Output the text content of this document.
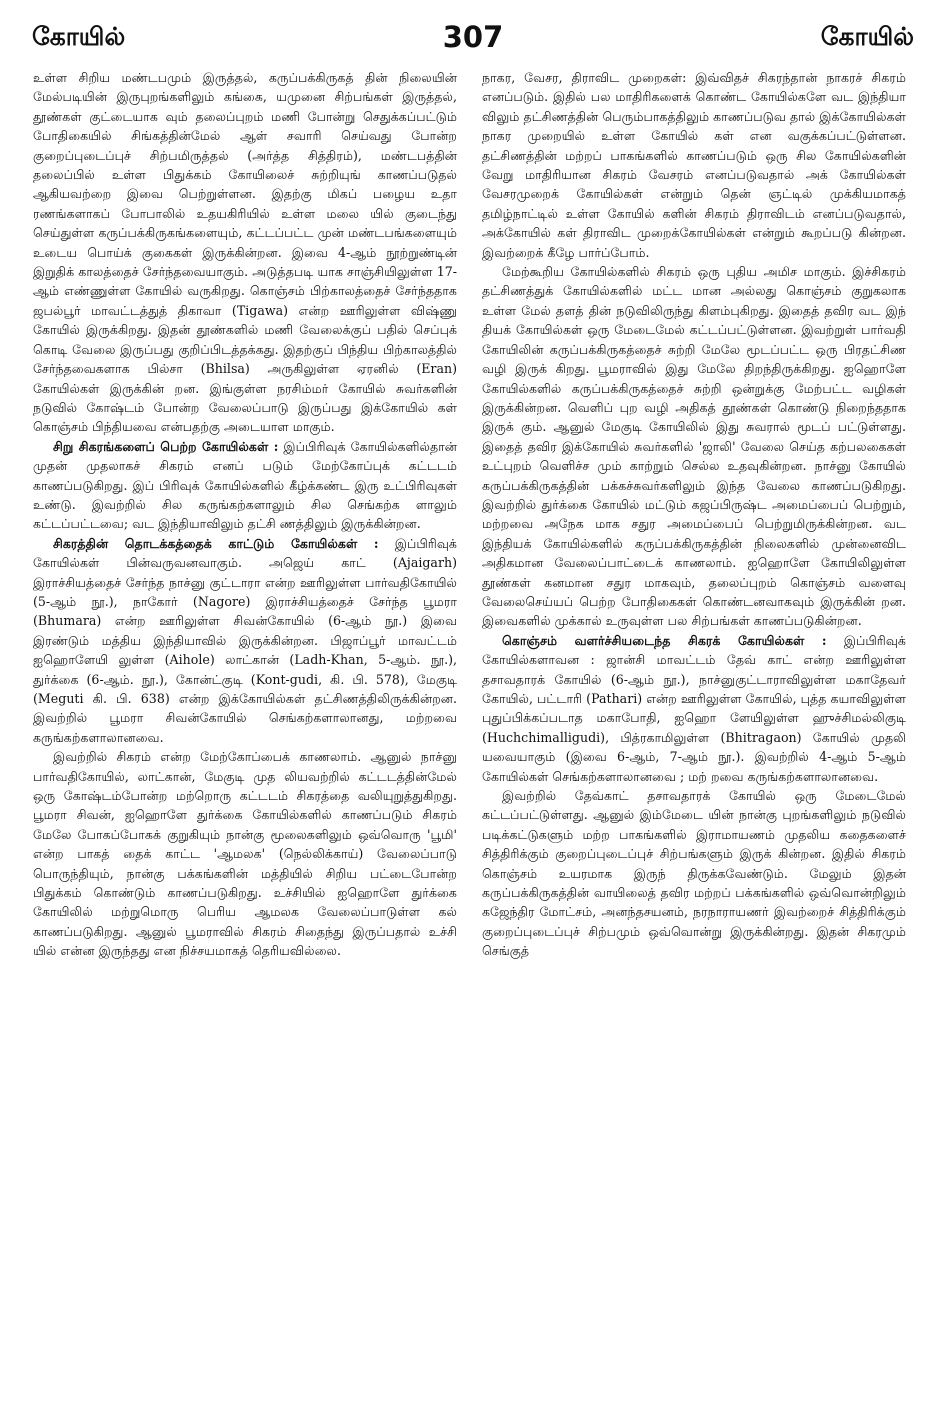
கோயில்	307	கோயில்

உள்ள சிறிய மண்டபமும் இருத்தல், கருப்பக்கிருகத் தின் நிலையின் மேல்படியின் இருபுறங்களிலும் கங்கை, யமுனை சிற்பங்கள் இருத்தல், தூண்கள் குட்டையாக வும் தலைப்புறம் மணி போன்று செதுக்கப்பட்டும் போதிகையில் சிங்கத்தின்மேல் ஆள் சவாரி செய்வது போன்ற குறைப்புடைப்புச் சிற்பமிருத்தல் (அர்த்த சித்திரம்), மண்டபத்தின் தலைப்பில் உள்ள பிதுக்கம் கோயிலைச் சுற்றியுங் காணப்படுதல் ஆகியவற்றை இவை பெற்றுள்ளன. இதற்கு மிகப் பழைய உதா ரணங்களாகப் போபாலில் உதயகிரியில் உள்ள மலை யில் குடைந்து செய்துள்ள கருப்பக்கிருகங்களையும், கட்டப்பட்ட முன் மண்டபங்களையும் உடைய பொய்க் குகைகள் இருக்கின்றன. இவை 4-ஆம் நூற்றுண்டின் இறுதிக் காலத்தைச் சேர்ந்தவையாகும். அடுத்தபடி யாக சாஞ்சியிலுள்ள 17-ஆம் எண்ணுள்ள கோயில் வருகிறது. கொஞ்சம் பிற்காலத்தைச் சேர்ந்ததாக ஜபல்பூர் மாவட்டத்துத் திகாவா (Tigawa) என்ற ஊரிலுள்ள விஷ்ணு கோயில் இருக்கிறது. இதன் தூண்களில் மணி வேலைக்குப் பதில் செப்புக் கொடி வேலை இருப்பது குறிப்பிடத்தக்கது. இதற்குப் பிந்திய பிற்காலத்தில் சேர்ந்தவைகளாக பில்சா (Bhilsa) அருகிலுள்ள ஏரனில் (Eran) கோயில்கள் இருக்கின் றன. இங்குள்ள நரசிம்மர் கோயில் சுவர்களின் நடுவில் கோஷ்டம் போன்ற வேலைப்பாடு இருப்பது இக்கோயில் கள் கொஞ்சம் பிந்தியவை என்பதற்கு அடையாள மாகும்.

சிறு சிகரங்களைப் பெற்ற கோயில்கள் : இப்பிரிவுக் கோயில்களில்தான் முதன் முதலாகச் சிகரம் எனப் படும் மேற்கோப்புக் கட்டடம் காணப்படுகிறது. இப் பிரிவுக் கோயில்களில் கீழ்க்கண்ட இரு உட்பிரிவுகள் உண்டு. இவற்றில் சில கருங்கற்களாலும் சில செங்கற்க ளாலும் கட்டப்பட்டவை; வட இந்தியாவிலும் தட்சி ணத்திலும் இருக்கின்றன.

சிகரத்தின் தொடக்கத்தைக் காட்டும் கோயில்கள் : இப்பிரிவுக் கோயில்கள் பின்வருவனவாகும். அஜெய் காட் (Ajaigarh) இராச்சியத்தைச் சேர்ந்த நாச்னு குட்டாரா என்ற ஊரிலுள்ள பார்வதிகோயில் (5-ஆம் நூ.), நாகோர் (Nagore) இராச்சியத்தைச் சேர்ந்த பூமரா (Bhumara) என்ற ஊரிலுள்ள சிவன்கோயில் (6-ஆம் நூ.) இவை இரண்டும் மத்திய இந்தியாவில் இருக்கின்றன. பிஜாப்பூர் மாவட்டம் ஐஹொளேயி லுள்ள (Aihole) லாட்கான் (Ladh-Khan, 5-ஆம். நூ.), துர்க்கை (6-ஆம். நூ.), கோன்ட்குடி (Kont-gudi, கி. பி. 578), மேகுடி (Meguti கி. பி. 638) என்ற இக்கோயில்கள் தட்சிணத்திலிருக்கின்றன. இவற்றில் பூமரா சிவன்கோயில் செங்கற்களாலானது, மற்றவை கருங்கற்களாலானவை.

இவற்றில் சிகரம் என்ற மேற்கோப்பைக் காணலாம். ஆனுல் நாச்னு பார்வதிகோயில், லாட்கான், மேகுடி முத லியவற்றில் கட்டடத்தின்மேல் ஒரு கோஷ்டம்போன்ற மற்றொரு கட்டடம் சிகரத்தை வலியுறுத்துகிறது. பூமரா சிவன், ஐஹொளே துர்க்கை கோயில்களில் காணப்படும் சிகரம் மேலே போகப்போகக் குறுகியும் நான்கு மூலைகளிலும் ஒவ்வொரு 'பூமி' என்ற பாகத் தைக் காட்ட 'ஆமலக' (நெல்லிக்காய்) வேலைப்பாடு பொருந்தியும், நான்கு பக்கங்களின் மத்தியில் சிறிய பட்டைபோன்ற பிதுக்கம் கொண்டும் காணப்படுகிறது. உச்சியில் ஐஹொளே துர்க்கை கோயிலில் மற்றுமொரு பெரிய ஆமலக வேலைப்பாடுள்ள கல் காணப்படுகிறது. ஆனுல் பூமராவில் சிகரம் சிதைந்து இருப்பதால் உச்சி யில் என்ன இருந்தது என நிச்சயமாகத் தெரியவில்லை.

நாகர, வேசர, திராவிட முறைகள்: இவ்விதச் சிகரந்தான் நாகரச் சிகரம் எனப்படும். இதில் பல மாதிரிகளைக் கொண்ட கோயில்களே வட இந்தியா விலும் தட்சிணத்தின் பெரும்பாகத்திலும் காணப்படுவ தால் இக்கோயில்கள் நாகர முறையில் உள்ள கோயில் கள் என வகுக்கப்பட்டுள்ளன. தட்சிணத்தின் மற்றப் பாகங்களில் காணப்படும் ஒரு சில கோயில்களின் வேறு மாதிரியான சிகரம் வேசரம் எனப்படுவதால் அக் கோயில்கள் வேசரமுறைக் கோயில்கள் என்றும் தென் ஞட்டில் முக்கியமாகத் தமிழ்நாட்டில் உள்ள கோயில் களின் சிகரம் திராவிடம் எனப்படுவதால், அக்கோயில் கள் திராவிட முறைக்கோயில்கள் என்றும் கூறப்படு கின்றன. இவற்றைக் கீழே பார்ப்போம்.

மேற்கூறிய கோயில்களில் சிகரம் ஒரு புதிய அமிச மாகும். இச்சிகரம் தட்சிணத்துக் கோயில்களில் மட்ட மான அல்லது கொஞ்சம் குறுகலாக உள்ள மேல் தளத் தின் நடுவிலிருந்து கிளம்புகிறது. இதைத் தவிர வட இந் தியக் கோயில்கள் ஒரு மேடைமேல் கட்டப்பட்டுள்ளன. இவற்றுள் பார்வதி கோயிலின் கருப்பக்கிருகத்தைச் சுற்றி மேலே மூடப்பட்ட ஒரு பிரதட்சிண வழி இருக் கிறது. பூமராவில் இது மேலே திறந்திருக்கிறது. ஐஹொளே கோயில்களில் கருப்பக்கிருகத்தைச் சுற்றி ஒன்றுக்கு மேற்பட்ட வழிகள் இருக்கின்றன. வெளிப் புற வழி அதிகத் தூண்கள் கொண்டு நிறைந்ததாக இருக் கும். ஆனுல் மேகுடி கோயிலில் இது சுவரால் மூடப் பட்டுள்ளது. இதைத் தவிர இக்கோயில் சுவர்களில் 'ஜாலி' வேலை செய்த கற்பலகைகள் உட்புறம் வெளிச்ச மும் காற்றும் செல்ல உதவுகின்றன. நாச்னு கோயில் கருப்பக்கிருகத்தின் பக்கச்சுவர்களிலும் இந்த வேலை காணப்படுகிறது. இவற்றில் துர்க்கை கோயில் மட்டும் கஜப்பிருஷ்ட அமைப்பைப் பெற்றும், மற்றவை அநேக மாக சதுர அமைப்பைப் பெற்றுமிருக்கின்றன. வட இந்தியக் கோயில்களில் கருப்பக்கிருகத்தின் நிலைகளில் முன்னைவிட அதிகமான வேலைப்பாட்டைக் காணலாம். ஐஹொளே கோயிலிலுள்ள தூண்கள் கனமான சதுர மாகவும், தலைப்புறம் கொஞ்சம் வளைவு வேலைசெய்யப் பெற்ற போதிகைகள் கொண்டனவாகவும் இருக்கின் றன. இவைகளில் முக்கால் உருவுள்ள பல சிற்பங்கள் காணப்படுகின்றன.

கொஞ்சம் வளர்ச்சியடைந்த சிகரக் கோயில்கள் : இப்பிரிவுக் கோயில்களாவன : ஜான்சி மாவட்டம் தேவ் காட் என்ற ஊரிலுள்ள தசாவதாரக் கோயில் (6-ஆம் நூ.), நாச்னுகுட்டாராவிலுள்ள மகாதேவர் கோயில், பட்டாரி (Pathari) என்ற ஊரிலுள்ள கோயில், புத்த கயாவிலுள்ள புதுப்பிக்கப்படாத மகாபோதி, ஐஹொ ளேயிலுள்ள ஹுச்சிமல்லிகுடி (Huchchimalligudi), பித்ரகாமிலுள்ள (Bhitragaon) கோயில் முதலி யவையாகும் (இவை 6-ஆம், 7-ஆம் நூ.). இவற்றில் 4-ஆம் 5-ஆம் கோயில்கள் செங்கற்களாலானவை ; மற் றவை கருங்கற்களாலானவை.

இவற்றில் தேவ்காட் தசாவதாரக் கோயில் ஒரு மேடைமேல் கட்டப்பட்டுள்ளது. ஆனுல் இம்மேடை யின் நான்கு புறங்களிலும் நடுவில் படிக்கட்டுகளும் மற்ற பாகங்களில் இராமாயணம் முதலிய கதைகளைச் சித்திரிக்கும் குறைப்புடைப்புச் சிற்பங்களும் இருக் கின்றன. இதில் சிகரம் கொஞ்சம் உயரமாக இருந் திருக்கவேண்டும். மேலும் இதன் கருப்பக்கிருகத்தின் வாயிலைத் தவிர மற்றப் பக்கங்களில் ஒவ்வொன்றிலும் கஜேந்திர மோட்சம், அனந்தசயனம், நரநாராயணர் இவற்றைச் சித்திரிக்கும் குறைப்புடைப்புச் சிற்பமும் ஒவ்வொன்று இருக்கின்றது. இதன் சிகரமும் செங்குத்
